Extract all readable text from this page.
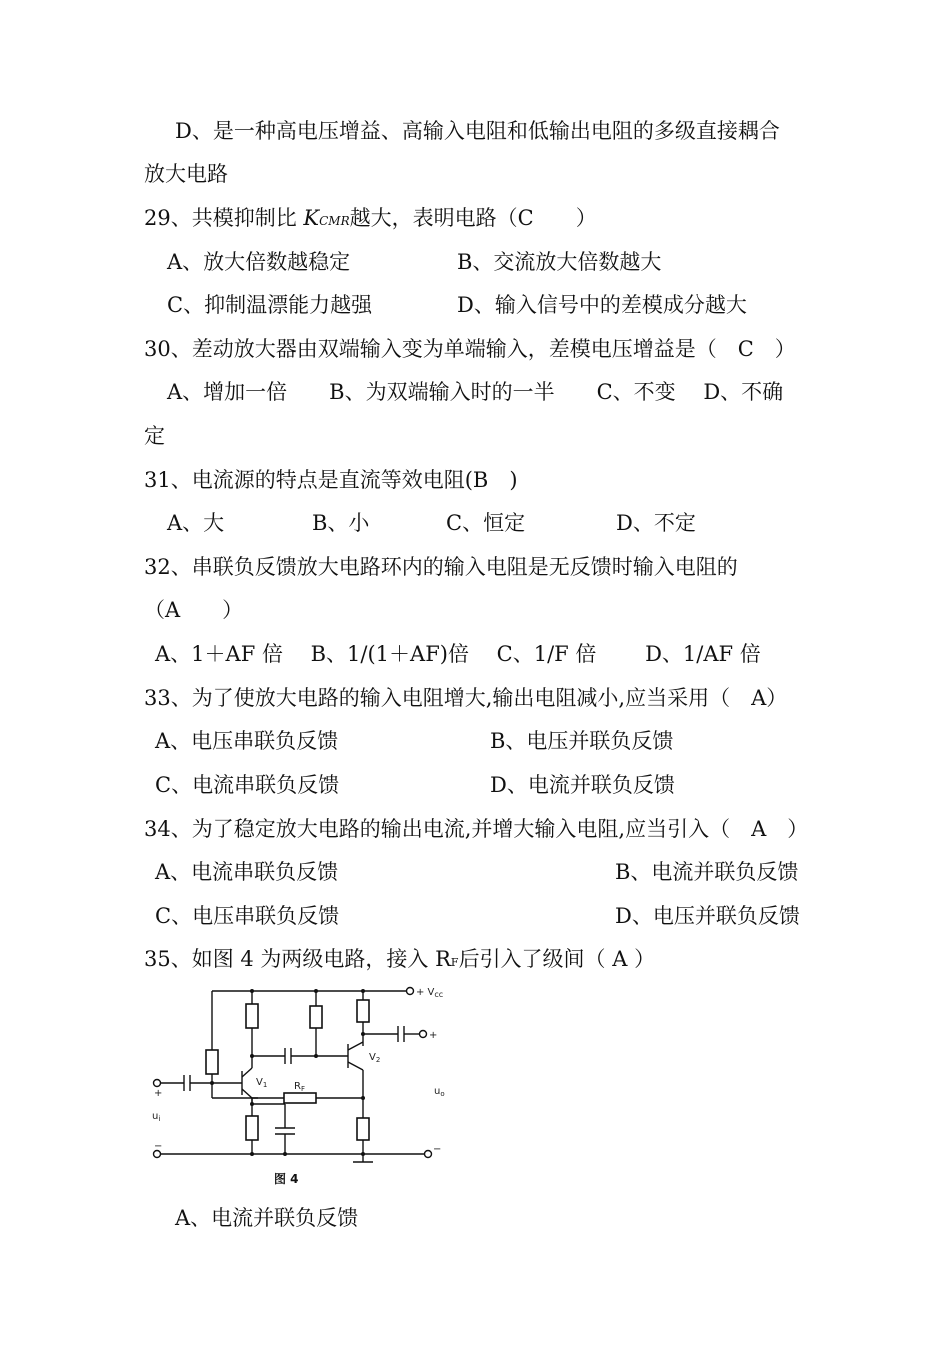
D、是一种高电压增益、高输入电阻和低输出电阻的多级直接耦合
放大电路
29、共模抑制比 KCMR越大，表明电路（C　　）
A、放大倍数越稳定	B、交流放大倍数越大
C、抑制温漂能力越强	D、输入信号中的差模成分越大
30、差动放大器由双端输入变为单端输入，差模电压增益是（　C　）
A、增加一倍　　B、为双端输入时的一半　　C、不变　 D、不确
定
31、电流源的特点是直流等效电阻(B　)
A、大	B、小	C、恒定	D、不定
32、串联负反馈放大电路环内的输入电阻是无反馈时输入电阻的
（A　　）
A、1＋AF 倍　 B、1/(1＋AF)倍　 C、1/F 倍　　 D、1/AF 倍
33、为了使放大电路的输入电阻增大,输出电阻减小,应当采用（　A）
A、电压串联负反馈	B、电压并联负反馈
C、电流串联负反馈	D、电流并联负反馈
34、为了稳定放大电路的输出电流,并增大输入电阻,应当引入（　A　）
A、电流串联负反馈	B、电流并联负反馈
C、电压串联负反馈	D、电压并联负反馈
35、如图 4 为两级电路，接入 RF后引入了级间（ A ）
+ $V_{cc}$
$V_1$
$V_2$
$R_F$
$u_i$
$u_o$
+
−
+
−
图 4
A、电流并联负反馈
